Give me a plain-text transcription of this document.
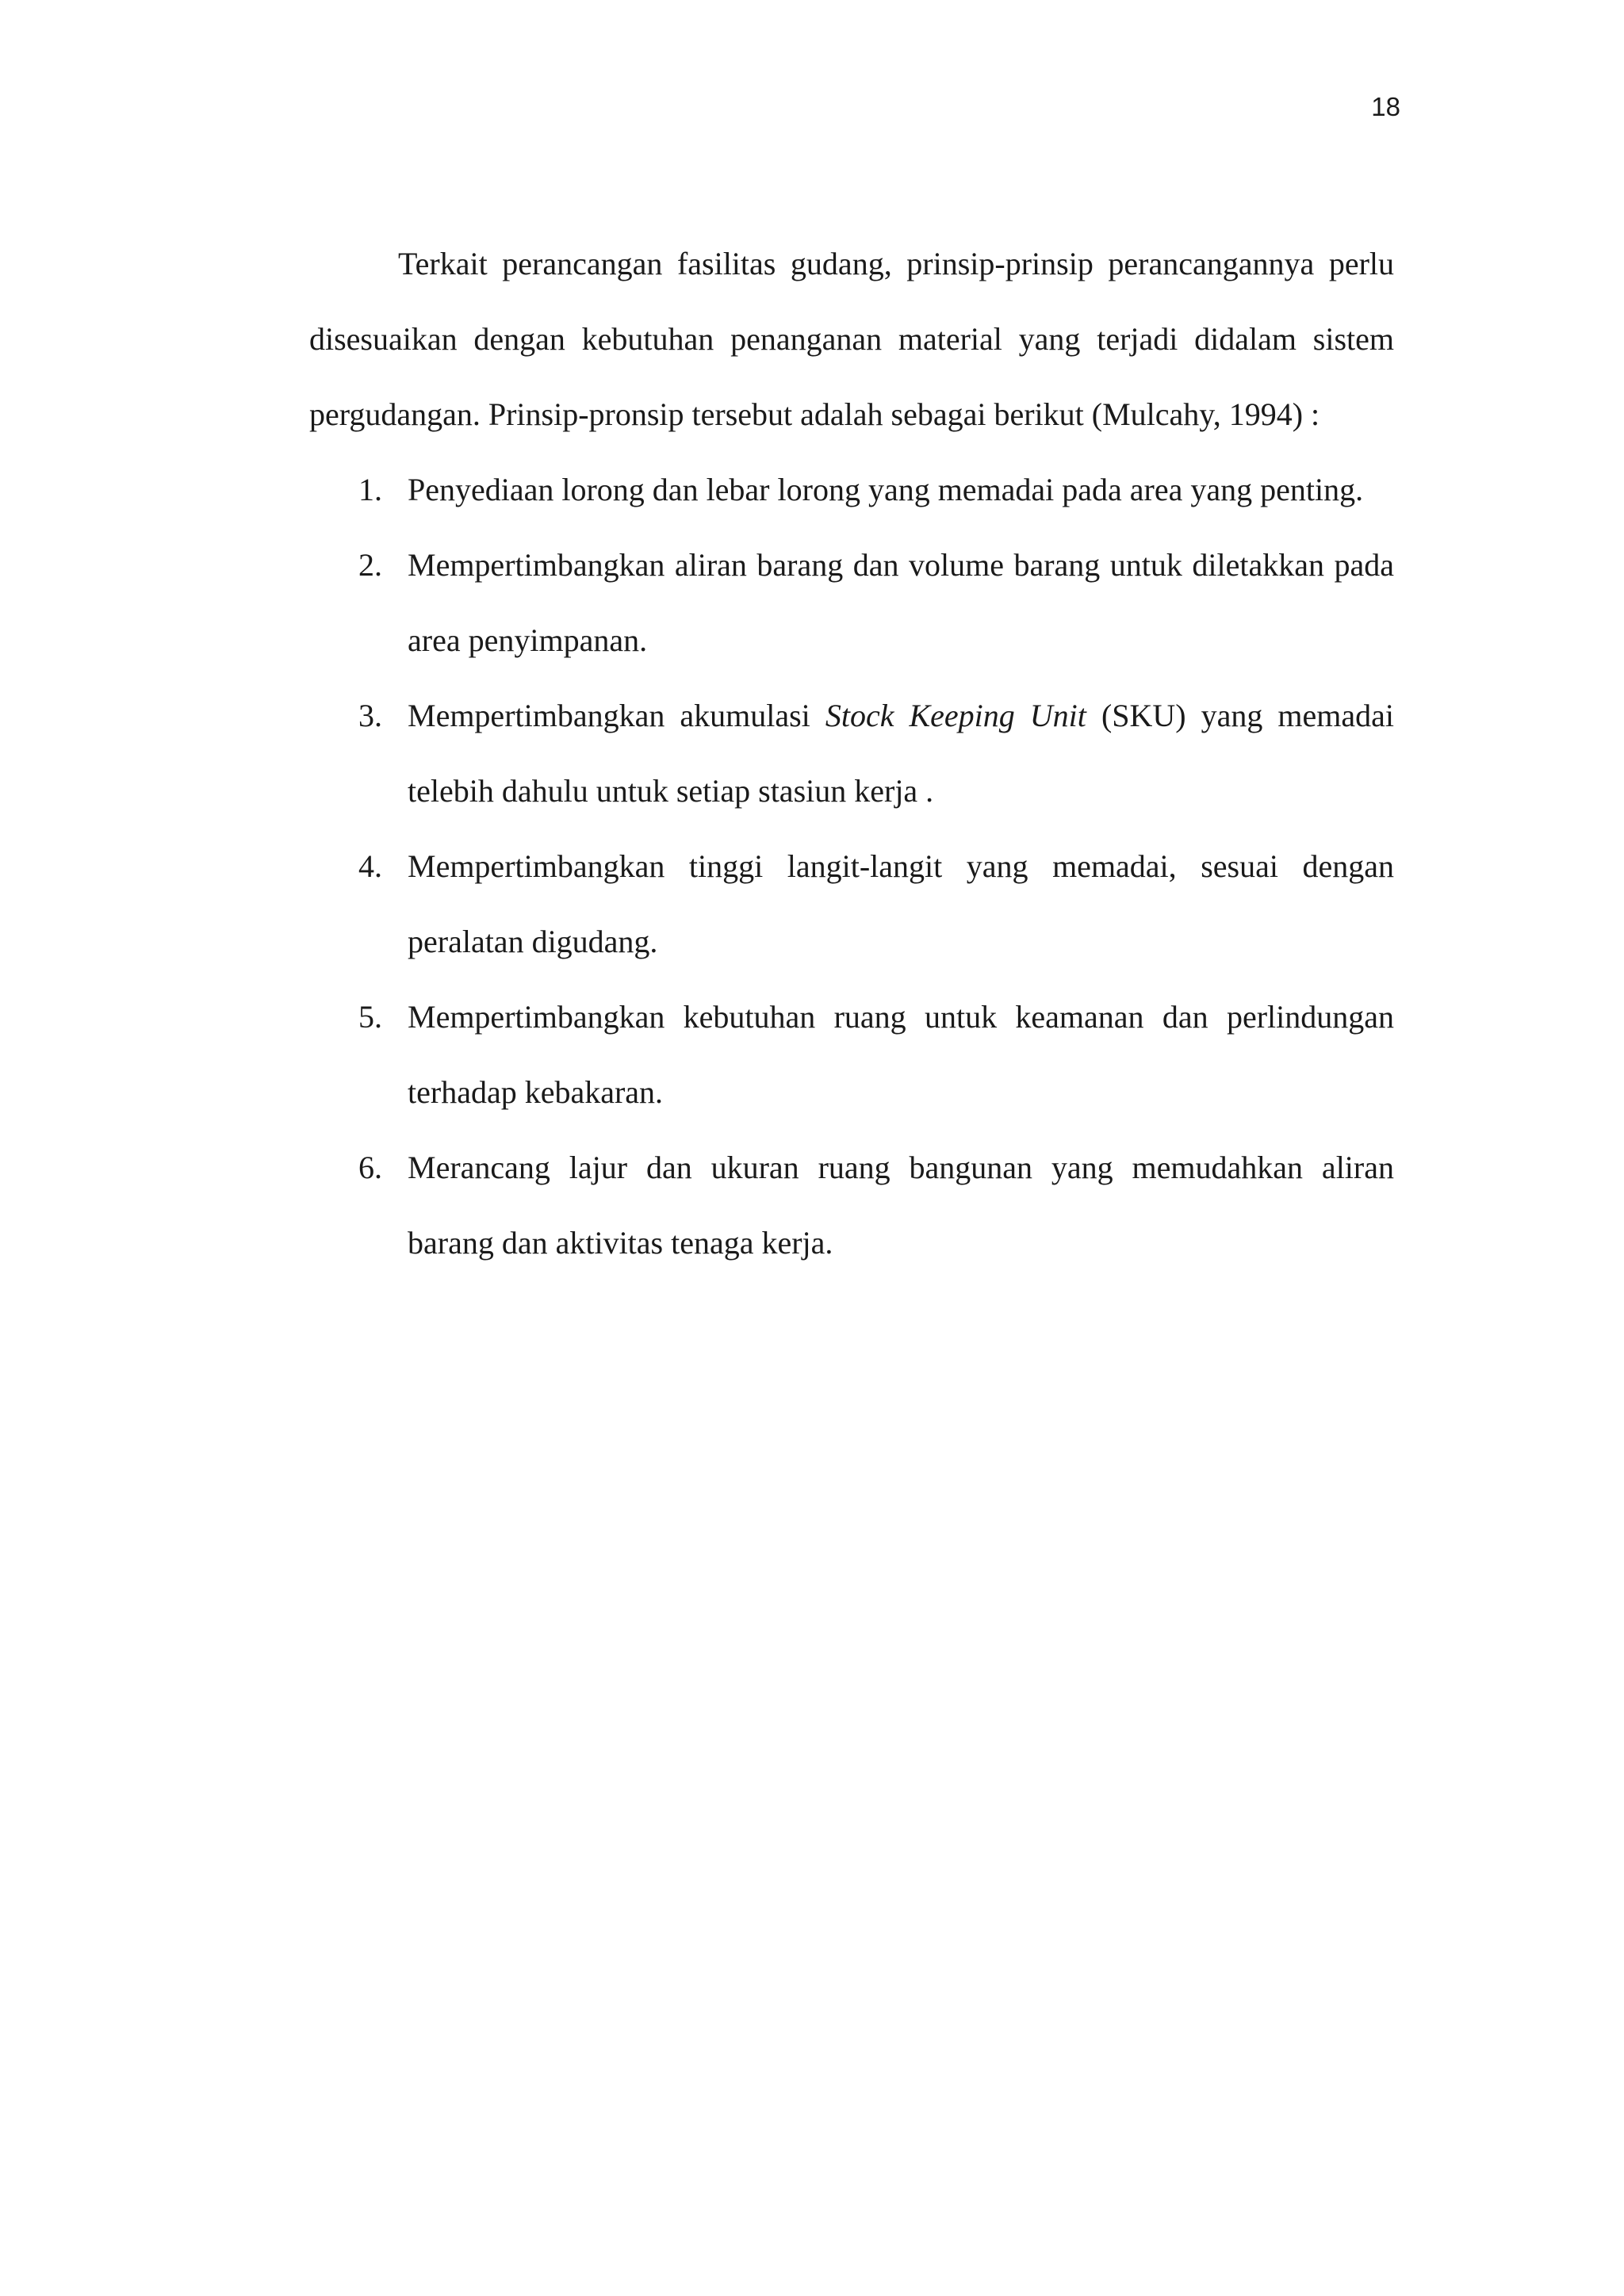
18

Terkait perancangan fasilitas gudang, prinsip-prinsip perancangannya perlu disesuaikan dengan kebutuhan penanganan material yang terjadi didalam sistem pergudangan. Prinsip-pronsip tersebut adalah sebagai berikut (Mulcahy, 1994) :

1. Penyediaan lorong dan lebar lorong yang memadai pada area yang penting.
2. Mempertimbangkan aliran barang dan volume barang untuk diletakkan pada area penyimpanan.
3. Mempertimbangkan akumulasi Stock Keeping Unit (SKU) yang memadai telebih dahulu untuk setiap stasiun kerja .
4. Mempertimbangkan tinggi langit-langit yang memadai, sesuai dengan peralatan digudang.
5. Mempertimbangkan kebutuhan ruang untuk keamanan dan perlindungan terhadap kebakaran.
6. Merancang lajur dan ukuran ruang bangunan yang memudahkan aliran barang dan aktivitas tenaga kerja.
